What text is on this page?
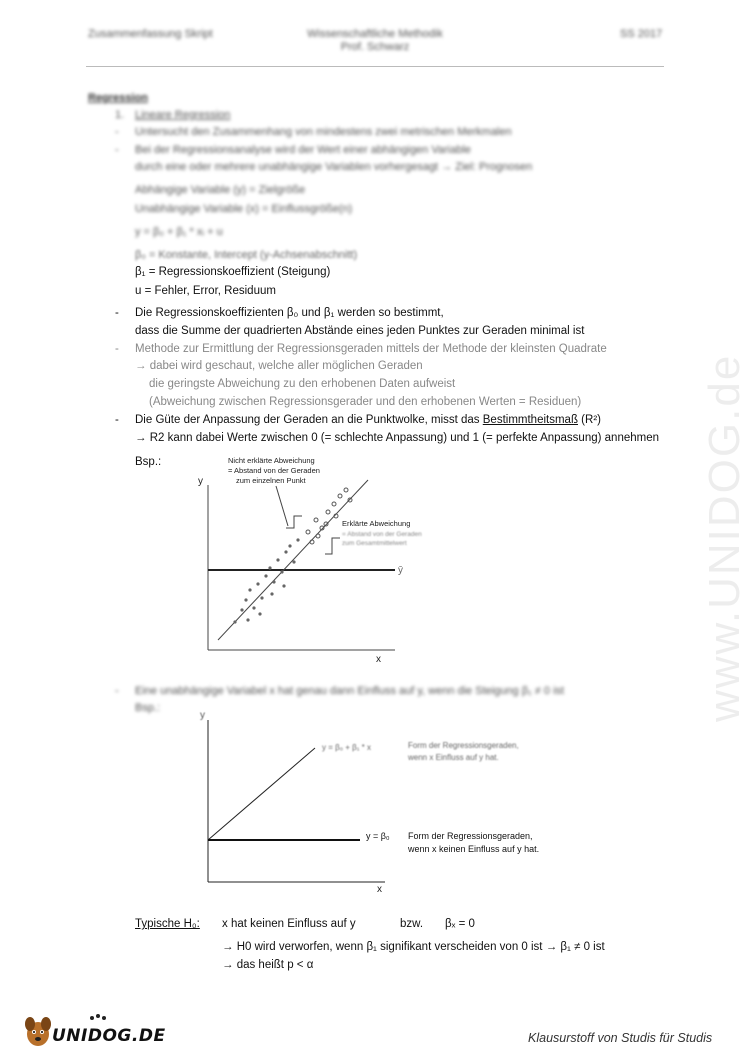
Zusammenfassung Skript	Wissenschaftliche Methodik
Prof. Schwarz
SS 2017
Regression
1. Lineare Regression
- Untersucht den Zusammenhang von mindestens zwei metrischen Merkmalen
- Bei der Regressionsanalyse wird der Wert einer abhängigen Variable
durch eine oder mehrere unabhängige Variablen vorhergesagt → Ziel: Prognosen
Abhängige Variable (y) = Zielgröße
Unabhängige Variable (x) = Einflussgröße(n)
y = β₀ + β₁ * xᵢ + u
β₀ = Konstante, Intercept (y-Achsenabschnitt)
β₁ = Regressionskoeffizient (Steigung)
u = Fehler, Error, Residuum
- Die Regressionskoeffizienten β₀ und β₁ werden so bestimmt,
dass die Summe der quadrierten Abstände eines jeden Punktes zur Geraden minimal ist
- Methode zur Ermittlung der Regressionsgeraden mittels der Methode der kleinsten Quadrate
→ dabei wird geschaut, welche aller möglichen Geraden
die geringste Abweichung zu den erhobenen Daten aufweist
(Abweichung zwischen Regressionsgerader und den erhobenen Werten = Residuen)
- Die Güte der Anpassung der Geraden an die Punktwolke, misst das Bestimmtheitsmaß (R²)
→ R2 kann dabei Werte zwischen 0 (= schlechte Anpassung) und 1 (= perfekte Anpassung) annehmen
Bsp.:
y
x
ȳ
Nicht erklärte Abweichung
= Abstand von der Geraden
zum einzelnen Punkt
Erklärte Abweichung
= Abstand von der Geraden
zum Gesamtmittelwert
- Eine unabhängige Variabel x hat genau dann Einfluss auf y, wenn die Steigung β₁ ≠ 0 ist
Bsp.:
y
x
y = β₀ + β₁ * x	Form der Regressionsgeraden,
wenn x Einfluss auf y hat.
y = β₀ Form der Regressionsgeraden,
wenn x keinen Einfluss auf y hat.
Typische H₀: x hat keinen Einfluss auf y	bzw. βₓ = 0
→ H0 wird verworfen, wenn β₁ signifikant verscheiden von 0 ist → β₁ ≠ 0 ist
→ das heißt p < α
www.UNIDOG.de
UNIDOG.DE	Klausurstoff von Studis für Studis
